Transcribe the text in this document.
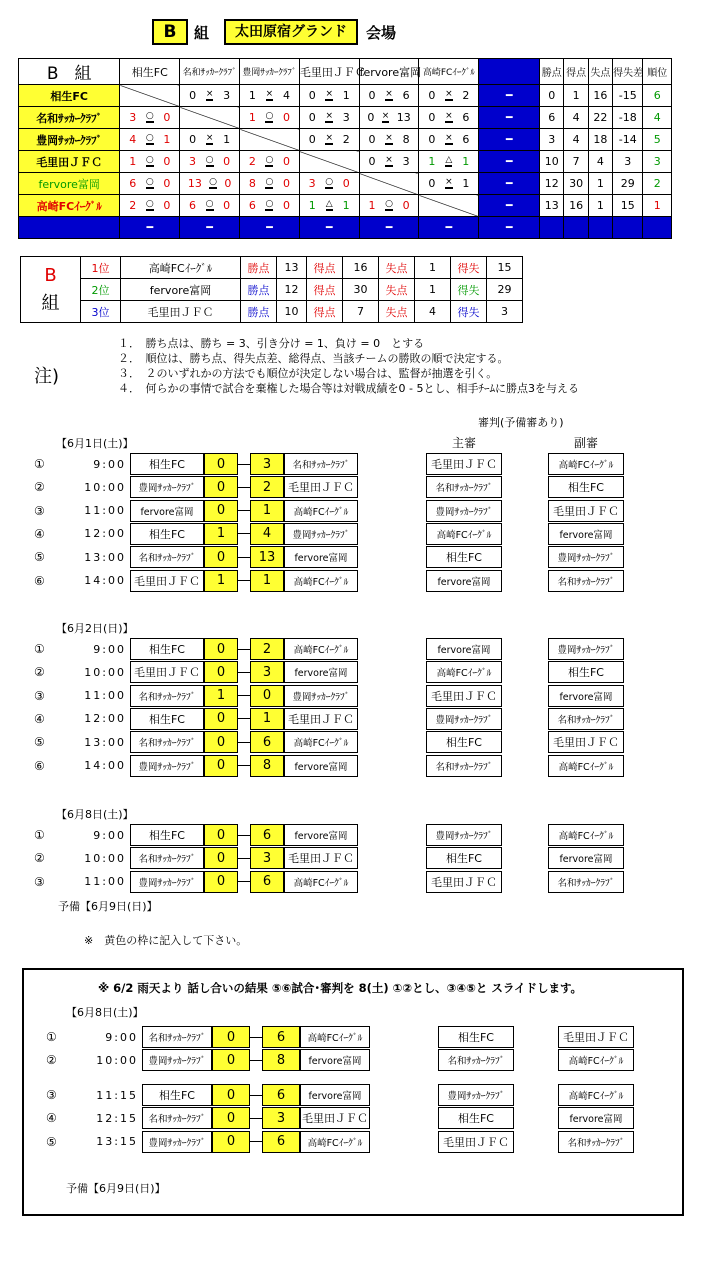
B	組	太田原宿グランド	会場
B 組	相生FC	名和ｻｯｶｰｸﾗﾌﾞ	豊岡ｻｯｶｰｸﾗﾌﾞ	毛里田ＪＦＣ	fervore富岡	高崎FCｲｰｸﾞﾙ		勝点	得点	失点	得失差	順位
相生FC		0 × 3	1 × 4	0 × 1	0 × 6	0 × 2	━	0	1	16	-15	6
名和ｻｯｶｰｸﾗﾌﾞ	3 ○ 0		1 ○ 0	0 × 3	0 × 13	0 × 6	━	6	4	22	-18	4
豊岡ｻｯｶｰｸﾗﾌﾞ	4 ○ 1	0 × 1		0 × 2	0 × 8	0 × 6	━	3	4	18	-14	5
毛里田ＪＦＣ	1 ○ 0	3 ○ 0	2 ○ 0		0 × 3	1 △ 1	━	10	7	4	3	3
fervore富岡	6 ○ 0	13 ○ 0	8 ○ 0	3 ○ 0		0 × 1	━	12	30	1	29	2
高崎FCｲｰｸﾞﾙ	2 ○ 0	6 ○ 0	6 ○ 0	1 △ 1	1 ○ 0		━	13	16	1	15	1
	━	━	━	━	━	━	━					
B
組	1位	高崎FCｲｰｸﾞﾙ	勝点	13	得点	16	失点	1	得失	15
	2位	fervore富岡	勝点	12	得点	30	失点	1	得失	29
	3位	毛里田ＪＦＣ	勝点	10	得点	7	失点	4	得失	3
注)
１．　勝ち点は、勝ち = 3、引き分け = 1、負け = 0　とする
２．　順位は、勝ち点、得失点差、総得点、当該チームの勝敗の順で決定する。
３．　２のいずれかの方法でも順位が決定しない場合は、監督が抽選を引く。
４．　何らかの事情で試合を棄権した場合等は対戦成績を0 - 5とし、相手ﾁｰﾑに勝点3を与える
審判(予備審あり)
主審	副審
【6月1日(土)】
①	9:00	相生FC	0	3	名和ｻｯｶｰｸﾗﾌﾞ	毛里田ＪＦＣ	高崎FCｲｰｸﾞﾙ
②	10:00	豊岡ｻｯｶｰｸﾗﾌﾞ	0	2	毛里田ＪＦＣ	名和ｻｯｶｰｸﾗﾌﾞ	相生FC
③	11:00	fervore富岡	0	1	高崎FCｲｰｸﾞﾙ	豊岡ｻｯｶｰｸﾗﾌﾞ	毛里田ＪＦＣ
④	12:00	相生FC	1	4	豊岡ｻｯｶｰｸﾗﾌﾞ	高崎FCｲｰｸﾞﾙ	fervore富岡
⑤	13:00	名和ｻｯｶｰｸﾗﾌﾞ	0	13	fervore富岡	相生FC	豊岡ｻｯｶｰｸﾗﾌﾞ
⑥	14:00 毛里田ＪＦＣ	1	1	高崎FCｲｰｸﾞﾙ	fervore富岡	名和ｻｯｶｰｸﾗﾌﾞ
【6月2日(日)】
①	9:00	相生FC	0	2	高崎FCｲｰｸﾞﾙ	fervore富岡	豊岡ｻｯｶｰｸﾗﾌﾞ
②	10:00 毛里田ＪＦＣ	0	3	fervore富岡	高崎FCｲｰｸﾞﾙ	相生FC
③	11:00	名和ｻｯｶｰｸﾗﾌﾞ	1	0	豊岡ｻｯｶｰｸﾗﾌﾞ	毛里田ＪＦＣ	fervore富岡
④	12:00	相生FC	0	1	毛里田ＪＦＣ	豊岡ｻｯｶｰｸﾗﾌﾞ	名和ｻｯｶｰｸﾗﾌﾞ
⑤	13:00	名和ｻｯｶｰｸﾗﾌﾞ	0	6	高崎FCｲｰｸﾞﾙ	相生FC	毛里田ＪＦＣ
⑥	14:00	豊岡ｻｯｶｰｸﾗﾌﾞ	0	8	fervore富岡	名和ｻｯｶｰｸﾗﾌﾞ	高崎FCｲｰｸﾞﾙ
【6月8日(土)】
①	9:00	相生FC	0	6	fervore富岡	豊岡ｻｯｶｰｸﾗﾌﾞ	高崎FCｲｰｸﾞﾙ
②	10:00	名和ｻｯｶｰｸﾗﾌﾞ	0	3	毛里田ＪＦＣ	相生FC	fervore富岡
③	11:00	豊岡ｻｯｶｰｸﾗﾌﾞ	0	6	高崎FCｲｰｸﾞﾙ	毛里田ＪＦＣ	名和ｻｯｶｰｸﾗﾌﾞ
予備【6月9日(日)】
【6月8日(土)】
①	9:00	名和ｻｯｶｰｸﾗﾌﾞ	0	6	高崎FCｲｰｸﾞﾙ	相生FC	毛里田ＪＦＣ
②	10:00	豊岡ｻｯｶｰｸﾗﾌﾞ	0	8	fervore富岡	名和ｻｯｶｰｸﾗﾌﾞ	高崎FCｲｰｸﾞﾙ
③	11:15	相生FC	0	6	fervore富岡	豊岡ｻｯｶｰｸﾗﾌﾞ	高崎FCｲｰｸﾞﾙ
④	12:15	名和ｻｯｶｰｸﾗﾌﾞ	0	3	毛里田ＪＦＣ	相生FC	fervore富岡
⑤	13:15	豊岡ｻｯｶｰｸﾗﾌﾞ	0	6	高崎FCｲｰｸﾞﾙ	毛里田ＪＦＣ	名和ｻｯｶｰｸﾗﾌﾞ
予備【6月9日(日)】
※ 6/2 雨天より 話し合いの結果 ⑤⑥試合･審判を 8(土) ①②とし、③④⑤と スライドします。
※　黄色の枠に記入して下さい。
